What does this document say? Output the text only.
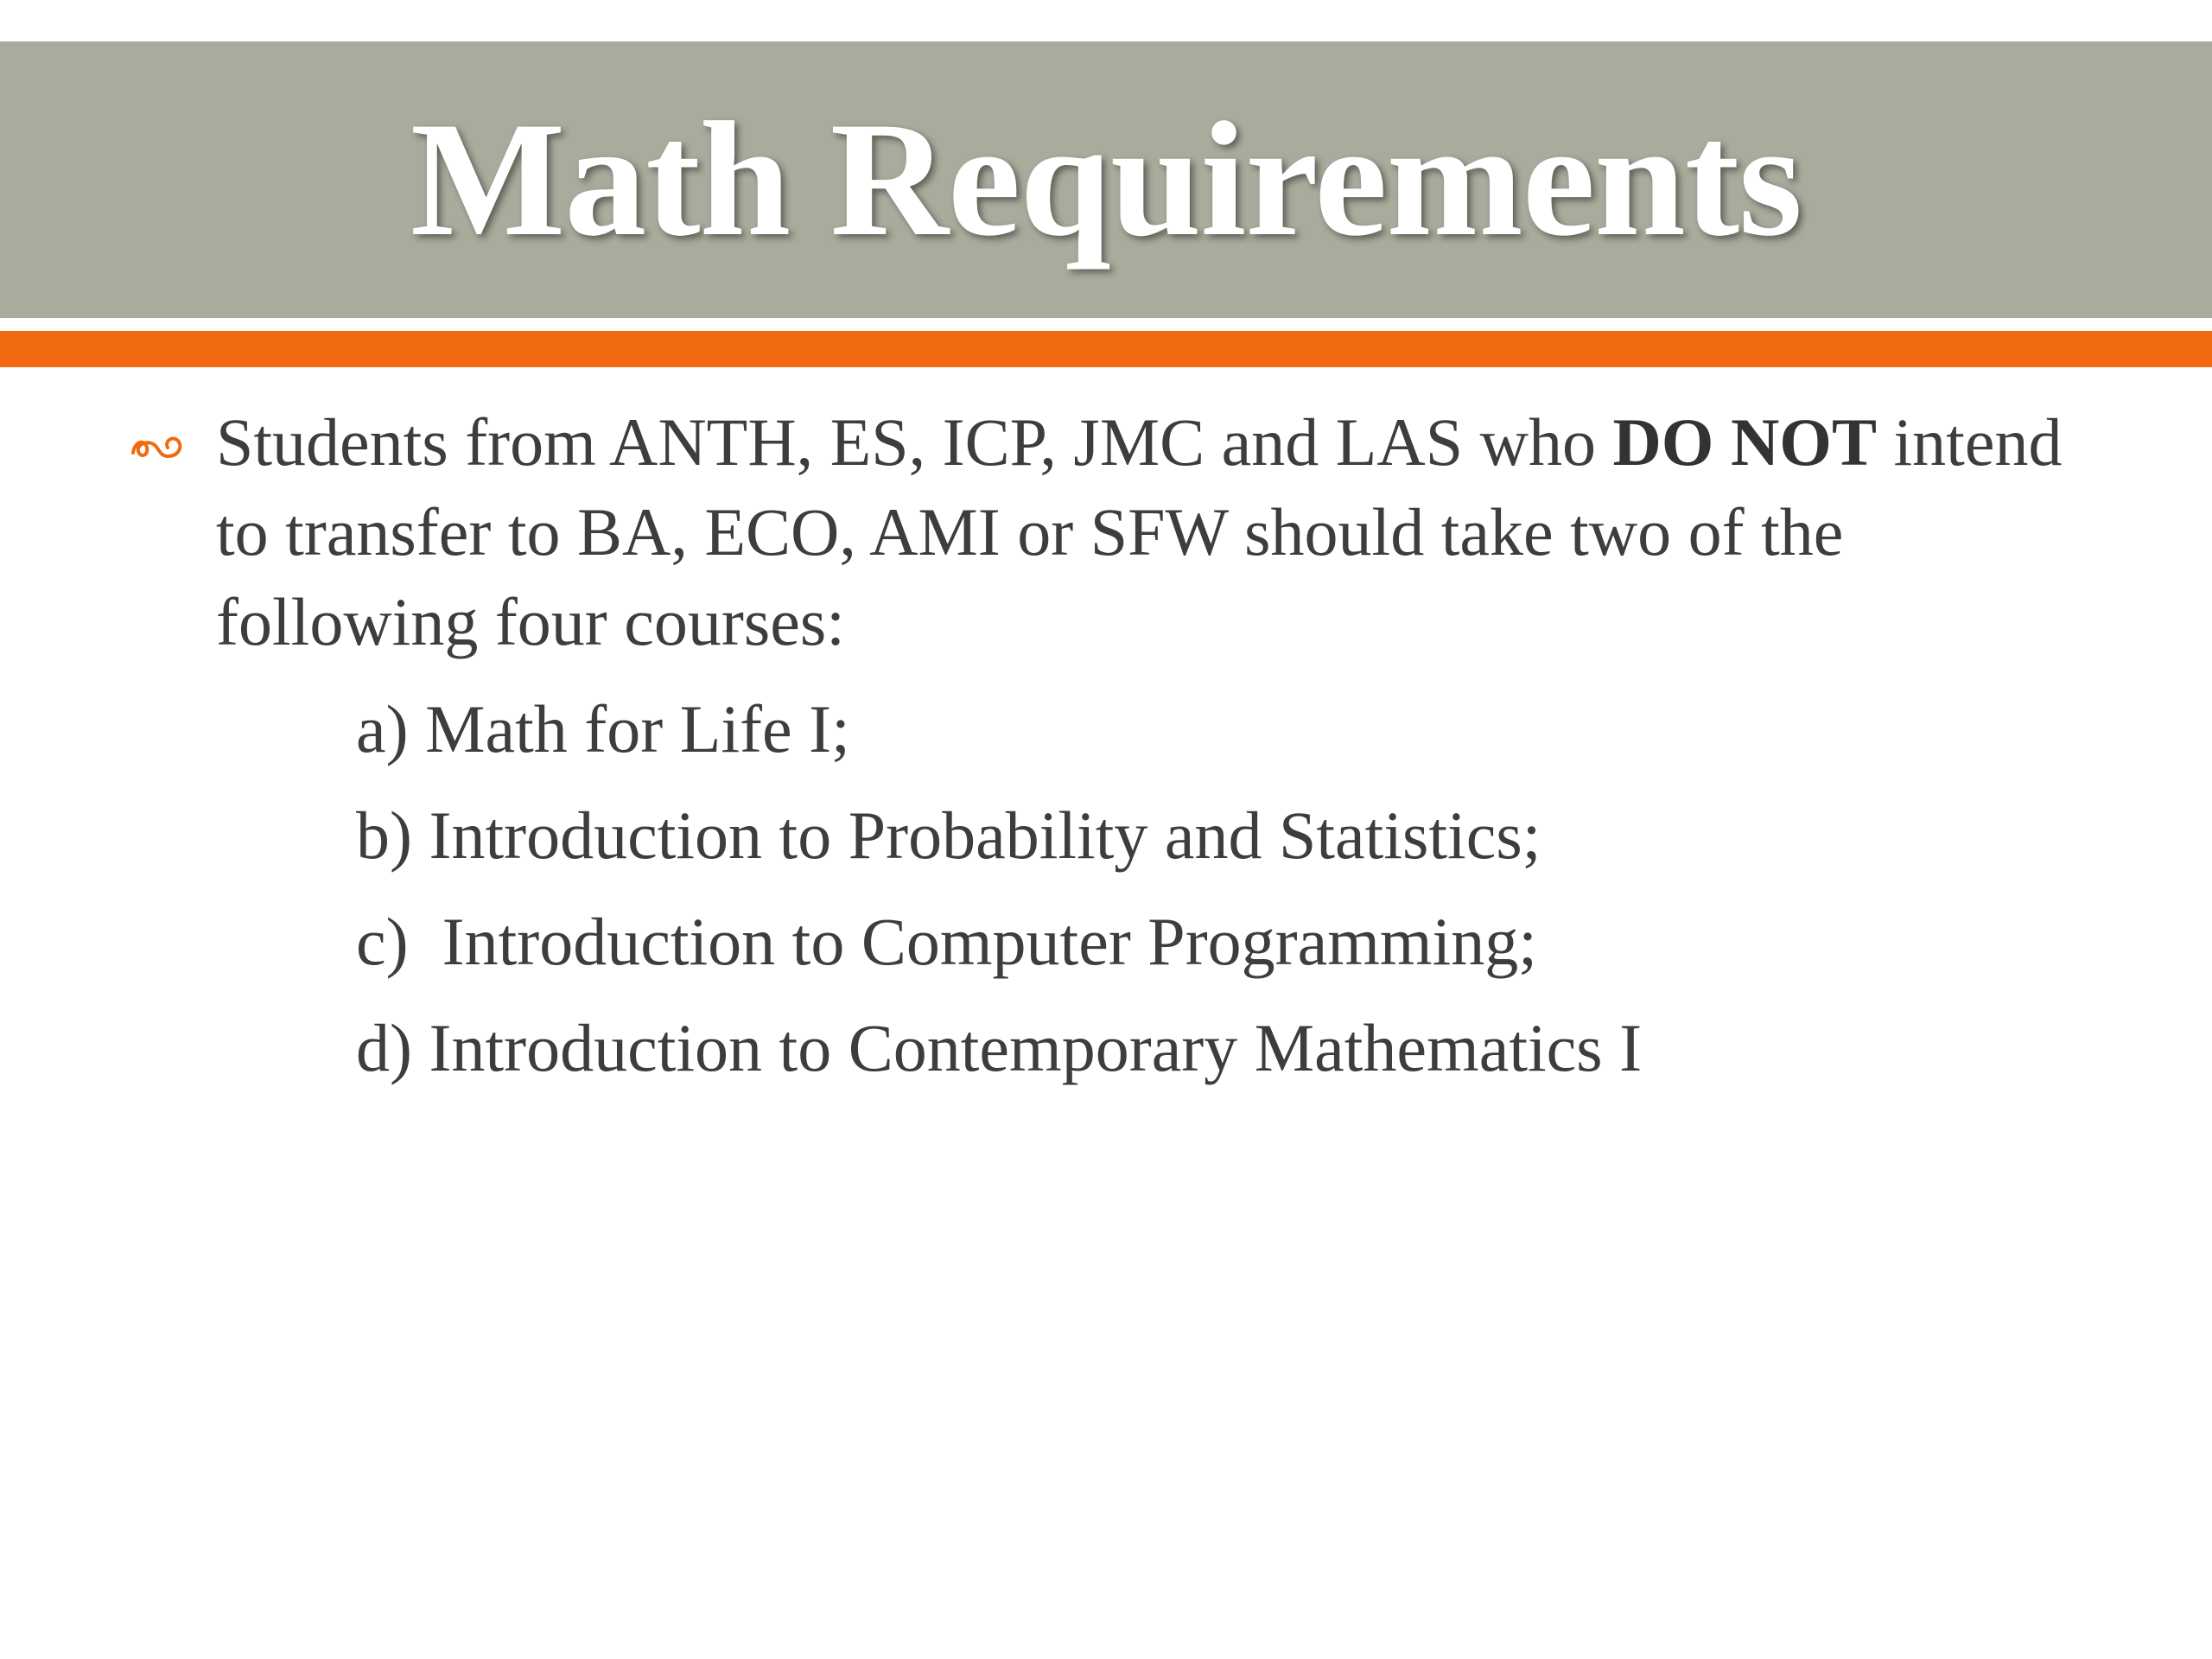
Math Requirements
Students from ANTH, ES, ICP, JMC and LAS who DO NOT intend to transfer to BA, ECO, AMI or SFW should take two of the following four courses:
a) Math for Life I;
b) Introduction to Probability and Statistics;
c)  Introduction to Computer Programming;
d) Introduction to Contemporary Mathematics I
